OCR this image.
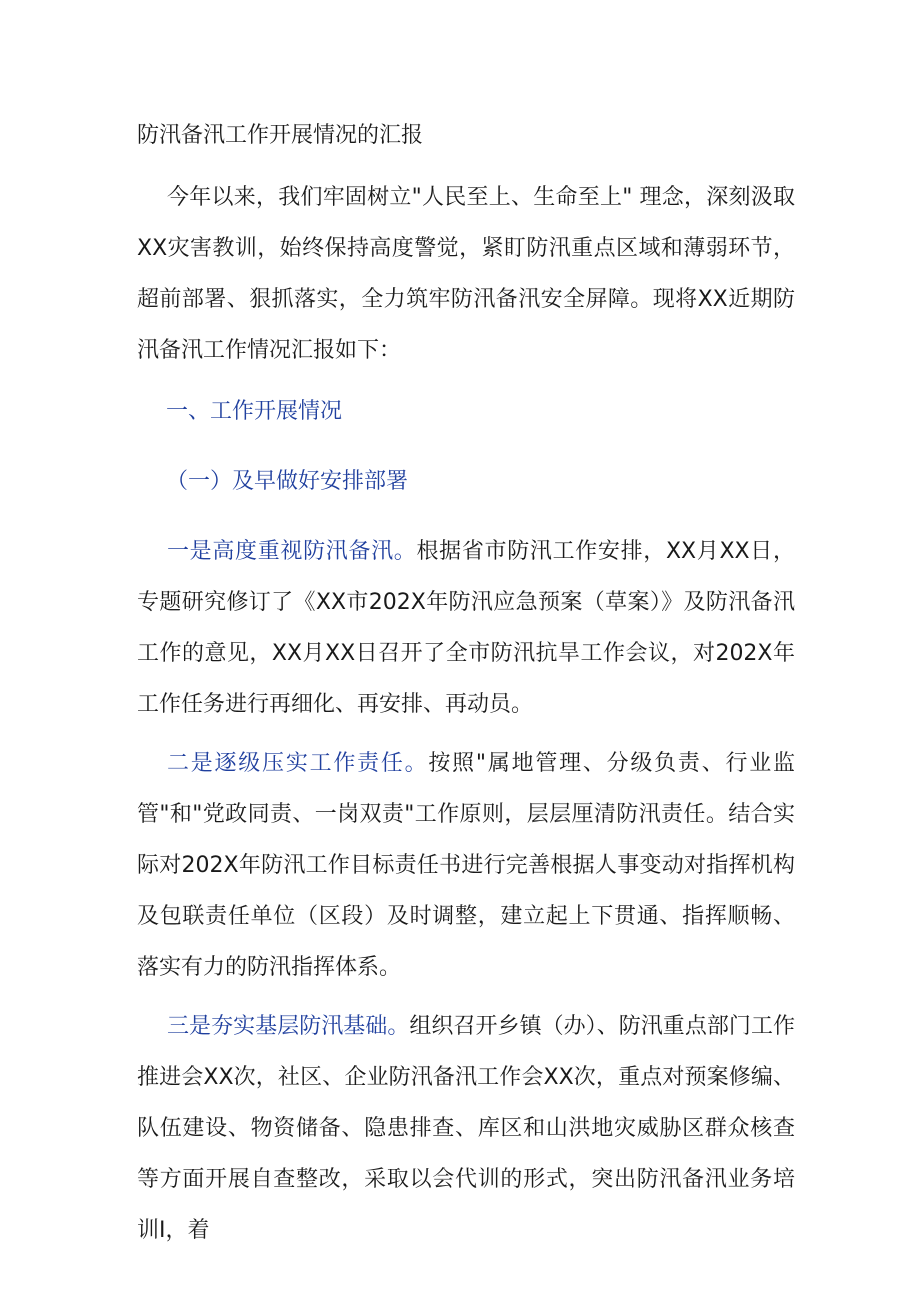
防汛备汛工作开展情况的汇报

今年以来，我们牢固树立"人民至上、生命至上" 理念，深刻汲取XX灾害教训，始终保持高度警觉，紧盯防汛重点区域和薄弱环节，超前部署、狠抓落实，全力筑牢防汛备汛安全屏障。现将XX近期防汛备汛工作情况汇报如下：

一、工作开展情况
（一）及早做好安排部署

一是高度重视防汛备汛。根据省市防汛工作安排，XX月XX日，专题研究修订了《XX市202X年防汛应急预案（草案）》及防汛备汛工作的意见，XX月XX日召开了全市防汛抗旱工作会议，对202X年工作任务进行再细化、再安排、再动员。

二是逐级压实工作责任。按照"属地管理、分级负责、行业监管"和"党政同责、一岗双责"工作原则，层层厘清防汛责任。结合实际对202X年防汛工作目标责任书进行完善根据人事变动对指挥机构及包联责任单位（区段）及时调整，建立起上下贯通、指挥顺畅、落实有力的防汛指挥体系。

三是夯实基层防汛基础。组织召开乡镇（办）、防汛重点部门工作推进会XX次，社区、企业防汛备汛工作会XX次，重点对预案修编、队伍建设、物资储备、隐患排查、库区和山洪地灾威胁区群众核查等方面开展自查整改，采取以会代训的形式，突出防汛备汛业务培训I，着
